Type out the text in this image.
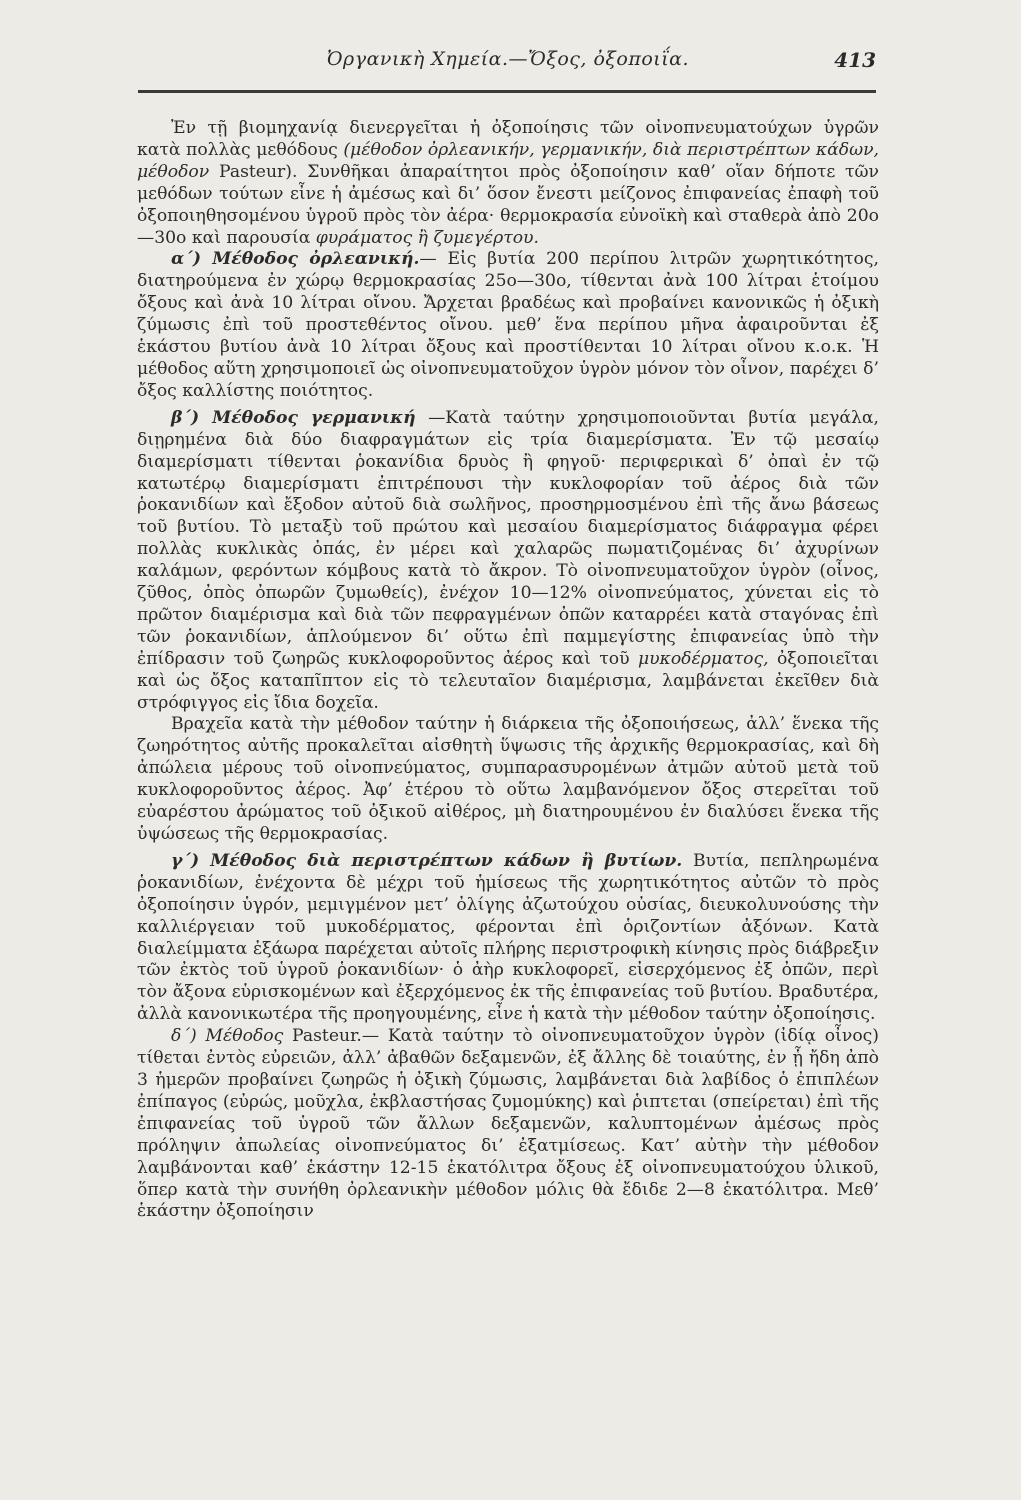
Ὀργανικὴ Χημεία.—Ὄξος, ὀξοποιΐα.	413

Ἐν τῇ βιομηχανίᾳ διενεργεῖται ἡ ὀξοποίησις τῶν οἰνοπνευματούχων ὑγρῶν κατὰ πολλὰς μεθόδους (μέθοδον ὀρλεανικήν, γερμανικήν, διὰ περιστρέπτων κάδων, μέθοδον Pasteur). Συνθῆκαι ἀπαραίτητοι πρὸς ὀξοποίησιν καθ’ οἵαν δήποτε τῶν μεθόδων τούτων εἶνε ἡ ἀμέσως καὶ δι’ ὅσον ἔνεστι μείζονος ἐπιφανείας ἐπαφὴ τοῦ ὀξοποιηθησομένου ὑγροῦ πρὸς τὸν ἀέρα· θερμοκρασία εὐνοϊκὴ καὶ σταθερὰ ἀπὸ 20ο—30ο καὶ παρουσία φυράματος ἢ ζυμεγέρτου.

α΄) Μέθοδος ὀρλεανική.— Εἰς βυτία 200 περίπου λιτρῶν χωρητικότητος, διατηρούμενα ἐν χώρῳ θερμοκρασίας 25ο—30ο, τίθενται ἀνὰ 100 λίτραι ἑτοίμου ὄξους καὶ ἀνὰ 10 λίτραι οἴνου. Ἄρχεται βραδέως καὶ προβαίνει κανονικῶς ἡ ὀξικὴ ζύμωσις ἐπὶ τοῦ προστεθέντος οἴνου. μεθ’ ἕνα περίπου μῆνα ἀφαιροῦνται ἐξ ἑκάστου βυτίου ἀνὰ 10 λίτραι ὄξους καὶ προστίθενται 10 λίτραι οἴνου κ.ο.κ. Ἡ μέθοδος αὕτη χρησιμοποιεῖ ὡς οἰνοπνευματοῦχον ὑγρὸν μόνον τὸν οἶνον, παρέχει δ’ ὄξος καλλίστης ποιότητος.

β΄) Μέθοδος γερμανική —Κατὰ ταύτην χρησιμοποιοῦνται βυτία μεγάλα, διῃρημένα διὰ δύο διαφραγμάτων εἰς τρία διαμερίσματα. Ἐν τῷ μεσαίῳ διαμερίσματι τίθενται ῥοκανίδια δρυὸς ἢ φηγοῦ· περιφερικαὶ δ’ ὀπαὶ ἐν τῷ κατωτέρῳ διαμερίσματι ἐπιτρέπουσι τὴν κυκλοφορίαν τοῦ ἀέρος διὰ τῶν ῥοκανιδίων καὶ ἔξοδον αὐτοῦ διὰ σωλῆνος, προσηρμοσμένου ἐπὶ τῆς ἄνω βάσεως τοῦ βυτίου. Τὸ μεταξὺ τοῦ πρώτου καὶ μεσαίου διαμερίσματος διάφραγμα φέρει πολλὰς κυκλικὰς ὀπάς, ἐν μέρει καὶ χαλαρῶς πωματιζομένας δι’ ἀχυρίνων καλάμων, φερόντων κόμβους κατὰ τὸ ἄκρον. Τὸ οἰνοπνευματοῦχον ὑγρὸν (οἶνος, ζῦθος, ὀπὸς ὀπωρῶν ζυμωθείς), ἐνέχον 10—12% οἰνοπνεύματος, χύνεται εἰς τὸ πρῶτον διαμέρισμα καὶ διὰ τῶν πεφραγμένων ὀπῶν καταρρέει κατὰ σταγόνας ἐπὶ τῶν ῥοκανιδίων, ἁπλούμενον δι’ οὕτω ἐπὶ παμμεγίστης ἐπιφανείας ὑπὸ τὴν ἐπίδρασιν τοῦ ζωηρῶς κυκλοφοροῦντος ἀέρος καὶ τοῦ μυκοδέρματος, ὀξοποιεῖται καὶ ὡς ὄξος καταπῖπτον εἰς τὸ τελευταῖον διαμέρισμα, λαμβάνεται ἐκεῖθεν διὰ στρόφιγγος εἰς ἴδια δοχεῖα.

Βραχεῖα κατὰ τὴν μέθοδον ταύτην ἡ διάρκεια τῆς ὀξοποιήσεως, ἀλλ’ ἕνεκα τῆς ζωηρότητος αὐτῆς προκαλεῖται αἰσθητὴ ὕψωσις τῆς ἀρχικῆς θερμοκρασίας, καὶ δὴ ἀπώλεια μέρους τοῦ οἰνοπνεύματος, συμπαρασυρομένων ἀτμῶν αὐτοῦ μετὰ τοῦ κυκλοφοροῦντος ἀέρος. Ἀφ’ ἑτέρου τὸ οὕτω λαμβανόμενον ὄξος στερεῖται τοῦ εὐαρέστου ἀρώματος τοῦ ὀξικοῦ αἰθέρος, μὴ διατηρουμένου ἐν διαλύσει ἕνεκα τῆς ὑψώσεως τῆς θερμοκρασίας.

γ΄) Μέθοδος διὰ περιστρέπτων κάδων ἢ βυτίων. Βυτία, πεπληρωμένα ῥοκανιδίων, ἐνέχοντα δὲ μέχρι τοῦ ἡμίσεως τῆς χωρητικότητος αὐτῶν τὸ πρὸς ὀξοποίησιν ὑγρόν, μεμιγμένον μετ’ ὀλίγης ἀζωτούχου οὐσίας, διευκολυνούσης τὴν καλλιέργειαν τοῦ μυκοδέρματος, φέρονται ἐπὶ ὁριζοντίων ἀξόνων. Κατὰ διαλείμματα ἐξάωρα παρέχεται αὐτοῖς πλήρης περιστροφικὴ κίνησις πρὸς διάβρεξιν τῶν ἐκτὸς τοῦ ὑγροῦ ῥοκανιδίων· ὁ ἀὴρ κυκλοφορεῖ, εἰσερχόμενος ἐξ ὀπῶν, περὶ τὸν ἄξονα εὑρισκομένων καὶ ἐξερχόμενος ἐκ τῆς ἐπιφανείας τοῦ βυτίου. Βραδυτέρα, ἀλλὰ κανονικωτέρα τῆς προηγουμένης, εἶνε ἡ κατὰ τὴν μέθοδον ταύτην ὀξοποίησις.

δ΄) Μέθοδος Pasteur.— Κατὰ ταύτην τὸ οἰνοπνευματοῦχον ὑγρὸν (ἰδίᾳ οἶνος) τίθεται ἐντὸς εὐρειῶν, ἀλλ’ ἀβαθῶν δεξαμενῶν, ἐξ ἄλλης δὲ τοιαύτης, ἐν ᾗ ἤδη ἀπὸ 3 ἡμερῶν προβαίνει ζωηρῶς ἡ ὀξικὴ ζύμωσις, λαμβάνεται διὰ λαβίδος ὁ ἐπιπλέων ἐπίπαγος (εὐρώς, μοῦχλα, ἐκβλαστήσας ζυμομύκης) καὶ ῥιπτεται (σπείρεται) ἐπὶ τῆς ἐπιφανείας τοῦ ὑγροῦ τῶν ἄλλων δεξαμενῶν, καλυπτομένων ἀμέσως πρὸς πρόληψιν ἀπωλείας οἰνοπνεύματος δι’ ἐξατμίσεως. Κατ’ αὐτὴν τὴν μέθοδον λαμβάνονται καθ’ ἑκάστην 12-15 ἑκατόλιτρα ὄξους ἐξ οἰνοπνευματούχου ὑλικοῦ, ὅπερ κατὰ τὴν συνήθη ὀρλεανικὴν μέθοδον μόλις θὰ ἔδιδε 2—8 ἑκατόλιτρα. Μεθ’ ἑκάστην ὀξοποίησιν
